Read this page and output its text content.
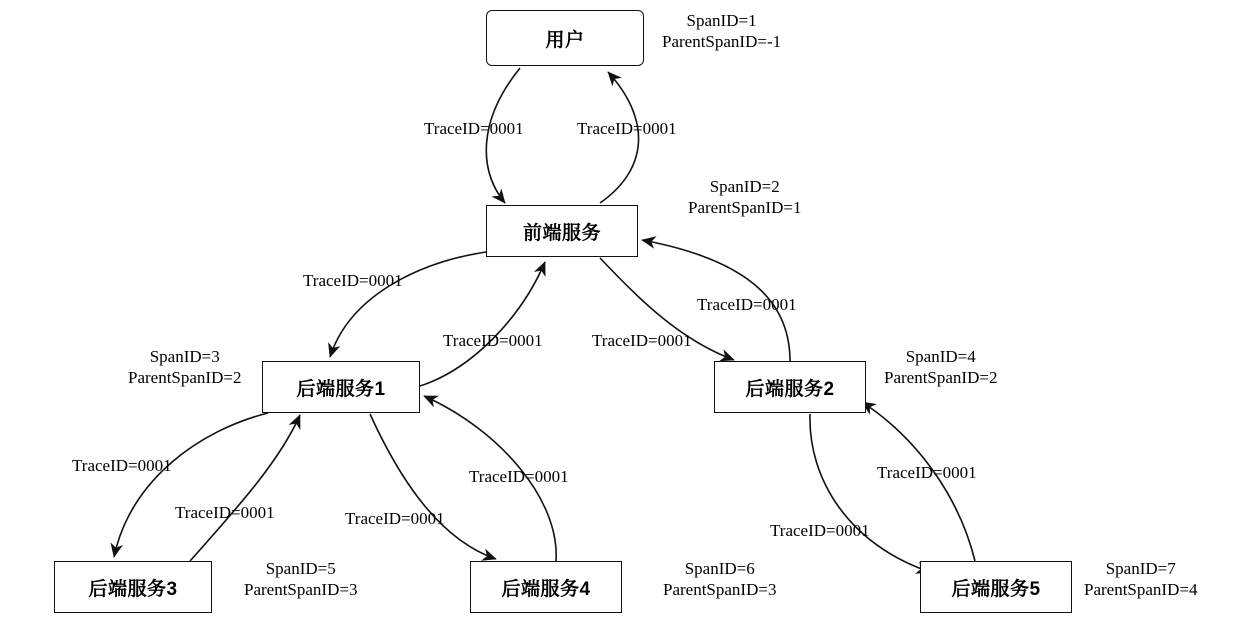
用户
前端服务
后端服务1	后端服务2
后端服务3	后端服务4	后端服务5
TraceID=0001	TraceID=0001
TraceID=0001
TraceID=0001	TraceID=0001
TraceID=0001
TraceID=0001
TraceID=0001	TraceID=0001
TraceID=0001
TraceID=0001
TraceID=0001
SpanID=1
ParentSpanID=-1
SpanID=2
ParentSpanID=1
SpanID=3
ParentSpanID=2
SpanID=4
ParentSpanID=2
SpanID=5
ParentSpanID=3
SpanID=6
ParentSpanID=3
SpanID=7
ParentSpanID=4
